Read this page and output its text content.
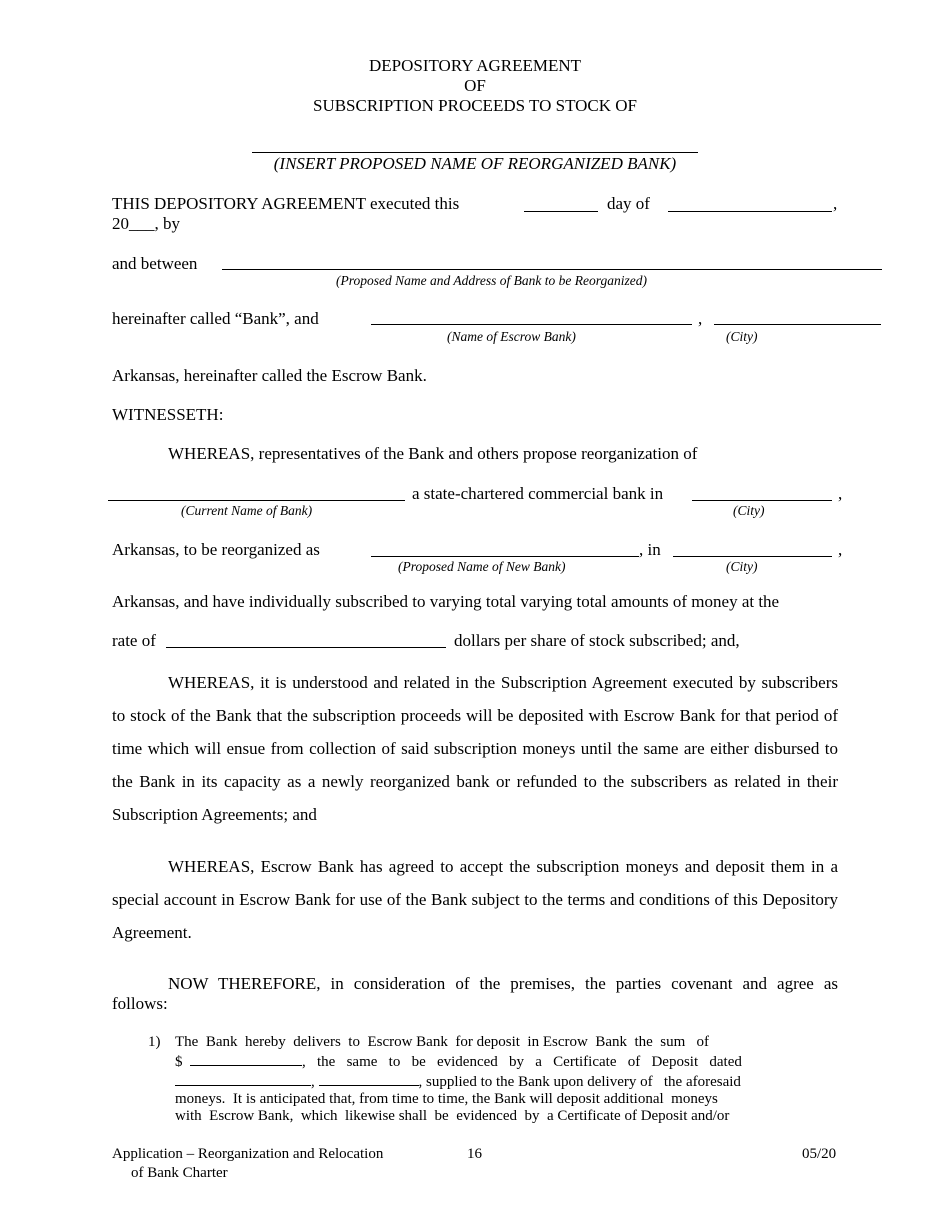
DEPOSITORY AGREEMENT
OF
SUBSCRIPTION PROCEEDS TO STOCK OF
(INSERT PROPOSED NAME OF REORGANIZED BANK)
THIS DEPOSITORY AGREEMENT executed this	day of	,
20___, by
and between
(Proposed Name and Address of Bank to be Reorganized)
hereinafter called “Bank”, and	,
(Name of Escrow Bank)	(City)
Arkansas, hereinafter called the Escrow Bank.
WITNESSETH:
WHEREAS, representatives of the Bank and others propose reorganization of
a state-chartered commercial bank in	,
(Current Name of Bank)	(City)
Arkansas, to be reorganized as	, in	,
(Proposed Name of New Bank)	(City)
Arkansas, and have individually subscribed to varying total varying total amounts of money at the
rate of	dollars per share of stock subscribed; and,
WHEREAS, it is understood and related in the Subscription Agreement executed by subscribers to stock of the Bank that the subscription proceeds will be deposited with Escrow Bank for that period of time which will ensue from collection of said subscription moneys until the same are either disbursed to the Bank in its capacity as a newly reorganized bank or refunded to the subscribers as related in their Subscription Agreements; and
WHEREAS, Escrow Bank has agreed to accept the subscription moneys and deposit them in a special account in Escrow Bank for use of the Bank subject to the terms and conditions of this Depository Agreement.
NOW THEREFORE, in consideration of the premises, the parties covenant and agree as
follows:
1) The  Bank  hereby  delivers  to  Escrow Bank  for deposit  in Escrow  Bank  the  sum   of
$	,   the   same   to   be   evidenced   by   a   Certificate   of   Deposit   dated
,	, supplied to the Bank upon delivery of   the aforesaid
moneys.  It is anticipated that, from time to time, the Bank will deposit additional  moneys
with  Escrow Bank,  which  likewise shall  be  evidenced  by  a Certificate of Deposit and/or
Application – Reorganization and Relocation
of Bank Charter
16	05/20
